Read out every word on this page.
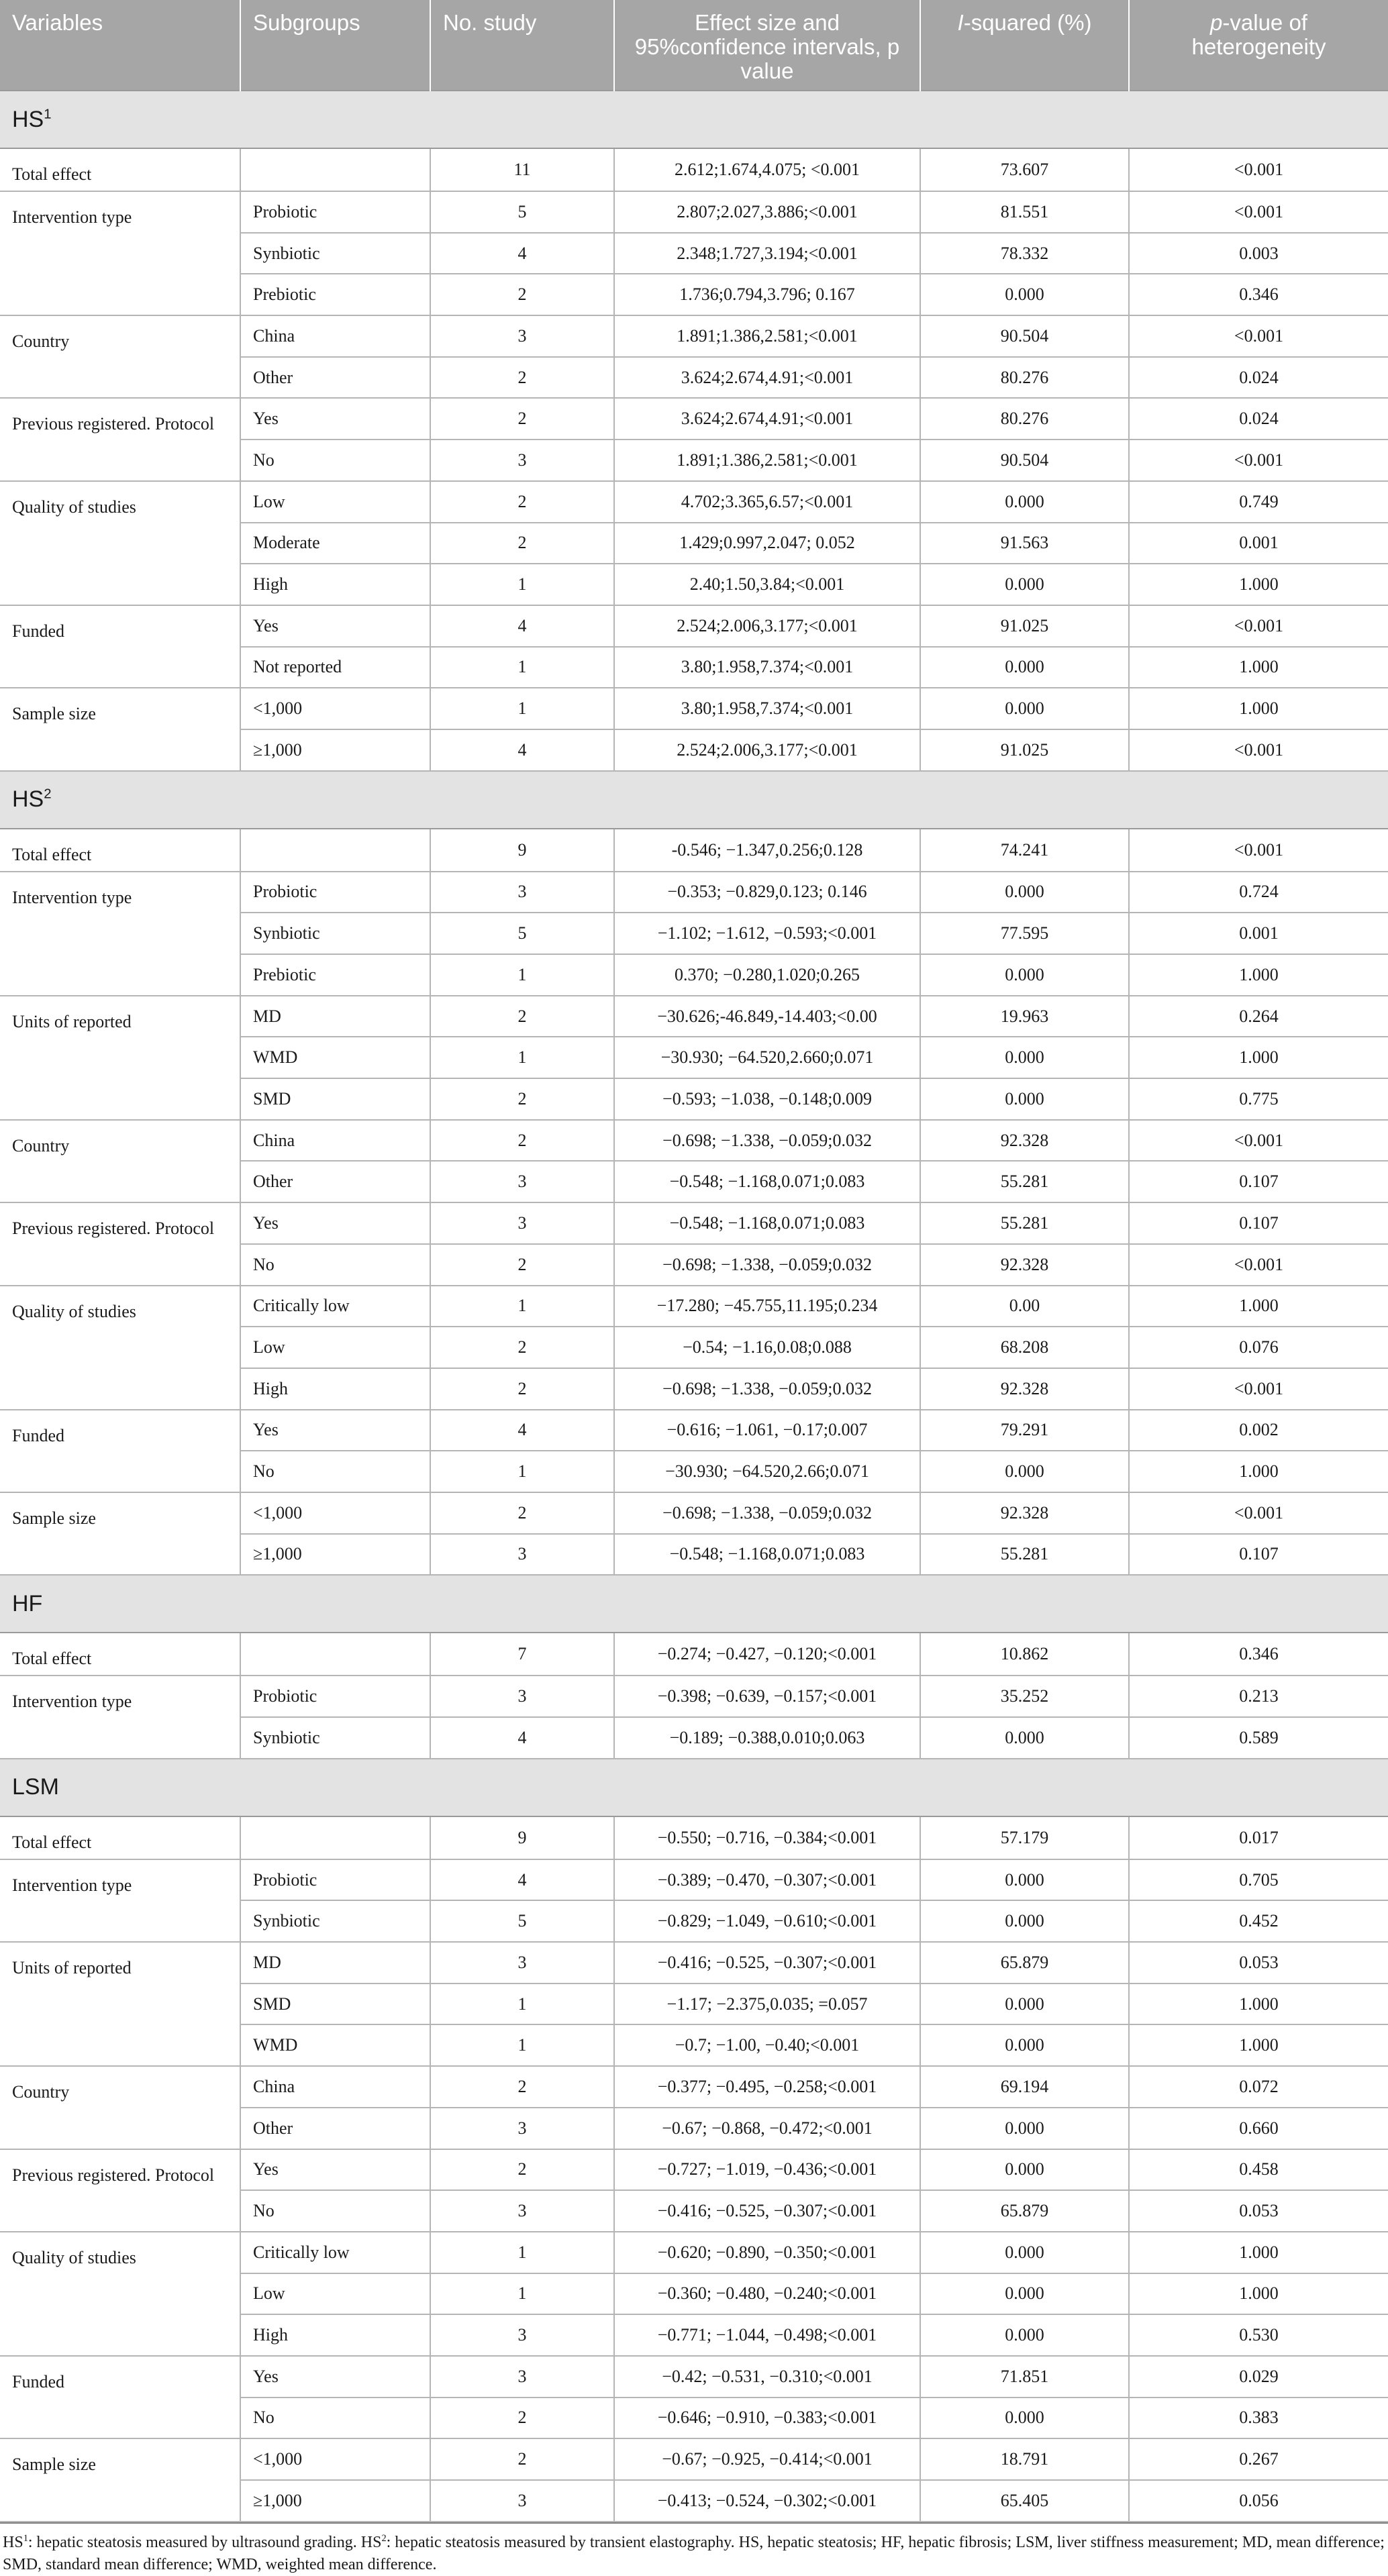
Variables	Subgroups	No. study	Effect size and 95%confidence intervals, p value	I-squared (%)	p-value of heterogeneity
$HS^1$
Total effect		11	2.612;1.674,4.075; <0.001	73.607	<0.001
Intervention type	Probiotic	5	2.807;2.027,3.886;<0.001	81.551	<0.001
	Synbiotic	4	2.348;1.727,3.194;<0.001	78.332	0.003
	Prebiotic	2	1.736;0.794,3.796; 0.167	0.000	0.346
Country	China	3	1.891;1.386,2.581;<0.001	90.504	<0.001
	Other	2	3.624;2.674,4.91;<0.001	80.276	0.024
Previous registered. Protocol	Yes	2	3.624;2.674,4.91;<0.001	80.276	0.024
	No	3	1.891;1.386,2.581;<0.001	90.504	<0.001
Quality of studies	Low	2	4.702;3.365,6.57;<0.001	0.000	0.749
	Moderate	2	1.429;0.997,2.047; 0.052	91.563	0.001
	High	1	2.40;1.50,3.84;<0.001	0.000	1.000
Funded	Yes	4	2.524;2.006,3.177;<0.001	91.025	<0.001
	Not reported	1	3.80;1.958,7.374;<0.001	0.000	1.000
Sample size	<1,000	1	3.80;1.958,7.374;<0.001	0.000	1.000
	≥1,000	4	2.524;2.006,3.177;<0.001	91.025	<0.001
$HS^2$
Total effect		9	-0.546; −1.347,0.256;0.128	74.241	<0.001
Intervention type	Probiotic	3	−0.353; −0.829,0.123; 0.146	0.000	0.724
	Synbiotic	5	−1.102; −1.612, −0.593;<0.001	77.595	0.001
	Prebiotic	1	0.370; −0.280,1.020;0.265	0.000	1.000
Units of reported	MD	2	−30.626;-46.849,-14.403;<0.00	19.963	0.264
	WMD	1	−30.930; −64.520,2.660;0.071	0.000	1.000
	SMD	2	−0.593; −1.038, −0.148;0.009	0.000	0.775
Country	China	2	−0.698; −1.338, −0.059;0.032	92.328	<0.001
	Other	3	−0.548; −1.168,0.071;0.083	55.281	0.107
Previous registered. Protocol	Yes	3	−0.548; −1.168,0.071;0.083	55.281	0.107
	No	2	−0.698; −1.338, −0.059;0.032	92.328	<0.001
Quality of studies	Critically low	1	−17.280; −45.755,11.195;0.234	0.00	1.000
	Low	2	−0.54; −1.16,0.08;0.088	68.208	0.076
	High	2	−0.698; −1.338, −0.059;0.032	92.328	<0.001
Funded	Yes	4	−0.616; −1.061, −0.17;0.007	79.291	0.002
	No	1	−30.930; −64.520,2.66;0.071	0.000	1.000
Sample size	<1,000	2	−0.698; −1.338, −0.059;0.032	92.328	<0.001
	≥1,000	3	−0.548; −1.168,0.071;0.083	55.281	0.107
HF					
Total effect		7	−0.274; −0.427, −0.120;<0.001	10.862	0.346
Intervention type	Probiotic	3	−0.398; −0.639, −0.157;<0.001	35.252	0.213
	Synbiotic	4	−0.189; −0.388,0.010;0.063	0.000	0.589
LSM					
Total effect		9	−0.550; −0.716, −0.384;<0.001	57.179	0.017
Intervention type	Probiotic	4	−0.389; −0.470, −0.307;<0.001	0.000	0.705
	Synbiotic	5	−0.829; −1.049, −0.610;<0.001	0.000	0.452
Units of reported	MD	3	−0.416; −0.525, −0.307;<0.001	65.879	0.053
	SMD	1	−1.17; −2.375,0.035; =0.057	0.000	1.000
	WMD	1	−0.7; −1.00, −0.40;<0.001	0.000	1.000
Country	China	2	−0.377; −0.495, −0.258;<0.001	69.194	0.072
	Other	3	−0.67; −0.868, −0.472;<0.001	0.000	0.660
Previous registered. Protocol	Yes	2	−0.727; −1.019, −0.436;<0.001	0.000	0.458
	No	3	−0.416; −0.525, −0.307;<0.001	65.879	0.053
Quality of studies	Critically low	1	−0.620; −0.890, −0.350;<0.001	0.000	1.000
	Low	1	−0.360; −0.480, −0.240;<0.001	0.000	1.000
	High	3	−0.771; −1.044, −0.498;<0.001	0.000	0.530
Funded	Yes	3	−0.42; −0.531, −0.310;<0.001	71.851	0.029
	No	2	−0.646; −0.910, −0.383;<0.001	0.000	0.383
Sample size	<1,000	2	−0.67; −0.925, −0.414;<0.001	18.791	0.267
	≥1,000	3	−0.413; −0.524, −0.302;<0.001	65.405	0.056
$HS^1$: hepatic steatosis measured by ultrasound grading. $HS^2$: hepatic steatosis measured by transient elastography. HS, hepatic steatosis; HF, hepatic fibrosis; LSM, liver stiffness measurement; MD, mean difference; SMD, standard mean difference; WMD, weighted mean difference.
